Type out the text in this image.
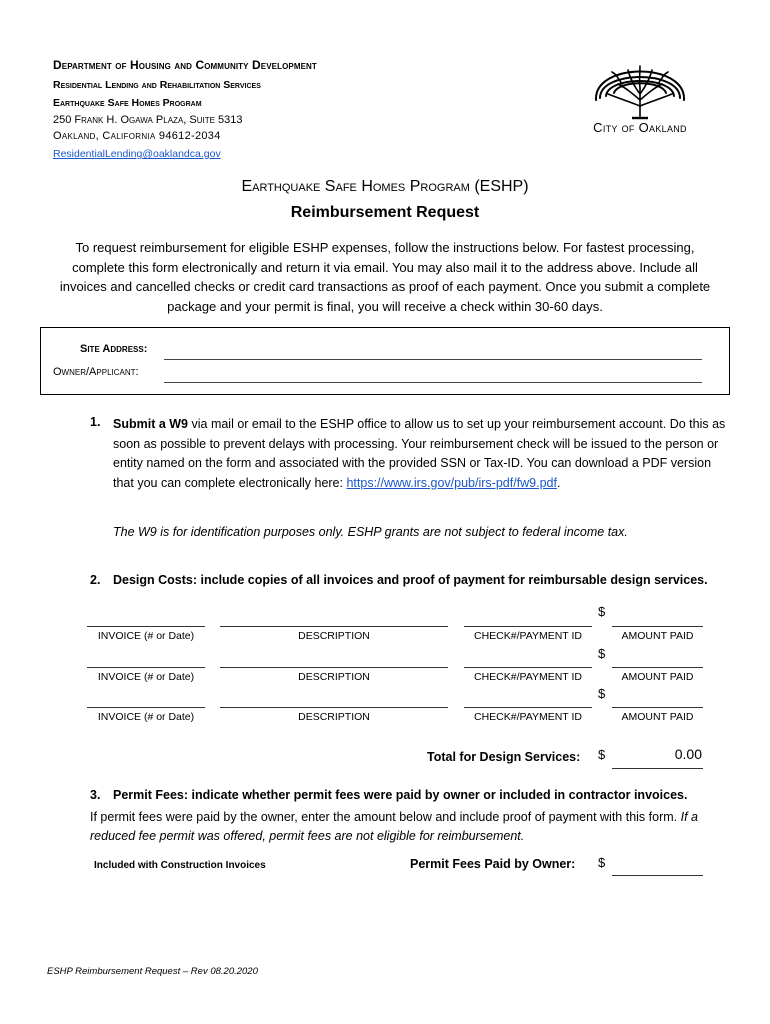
Department of Housing and Community Development
Residential Lending and Rehabilitation Services
Earthquake Safe Homes Program
250 Frank H. Ogawa Plaza, Suite 5313
Oakland, California 94612-2034
ResidentialLending@oaklandca.gov
City of Oakland
Earthquake Safe Homes Program (ESHP)
Reimbursement Request
To request reimbursement for eligible ESHP expenses, follow the instructions below. For fastest processing, complete this form electronically and return it via email. You may also mail it to the address above. Include all invoices and cancelled checks or credit card transactions as proof of each payment. Once you submit a complete package and your permit is final, you will receive a check within 30-60 days.
Site Address:
Owner/Applicant:
1. Submit a W9 via mail or email to the ESHP office to allow us to set up your reimbursement account. Do this as soon as possible to prevent delays with processing. Your reimbursement check will be issued to the person or entity named on the form and associated with the provided SSN or Tax-ID. You can download a PDF version that you can complete electronically here: https://www.irs.gov/pub/irs-pdf/fw9.pdf.
The W9 is for identification purposes only. ESHP grants are not subject to federal income tax.
2. Design Costs: include copies of all invoices and proof of payment for reimbursable design services.
$
INVOICE (# or Date)	DESCRIPTION	CHECK#/PAYMENT ID	AMOUNT PAID
$
INVOICE (# or Date)	DESCRIPTION	CHECK#/PAYMENT ID	AMOUNT PAID
$
INVOICE (# or Date)	DESCRIPTION	CHECK#/PAYMENT ID	AMOUNT PAID
Total for Design Services: $	0.00
3. Permit Fees: indicate whether permit fees were paid by owner or included in contractor invoices.
If permit fees were paid by the owner, enter the amount below and include proof of payment with this form. If a reduced fee permit was offered, permit fees are not eligible for reimbursement.
Included with Construction Invoices	Permit Fees Paid by Owner: $
ESHP Reimbursement Request – Rev 08.20.2020
